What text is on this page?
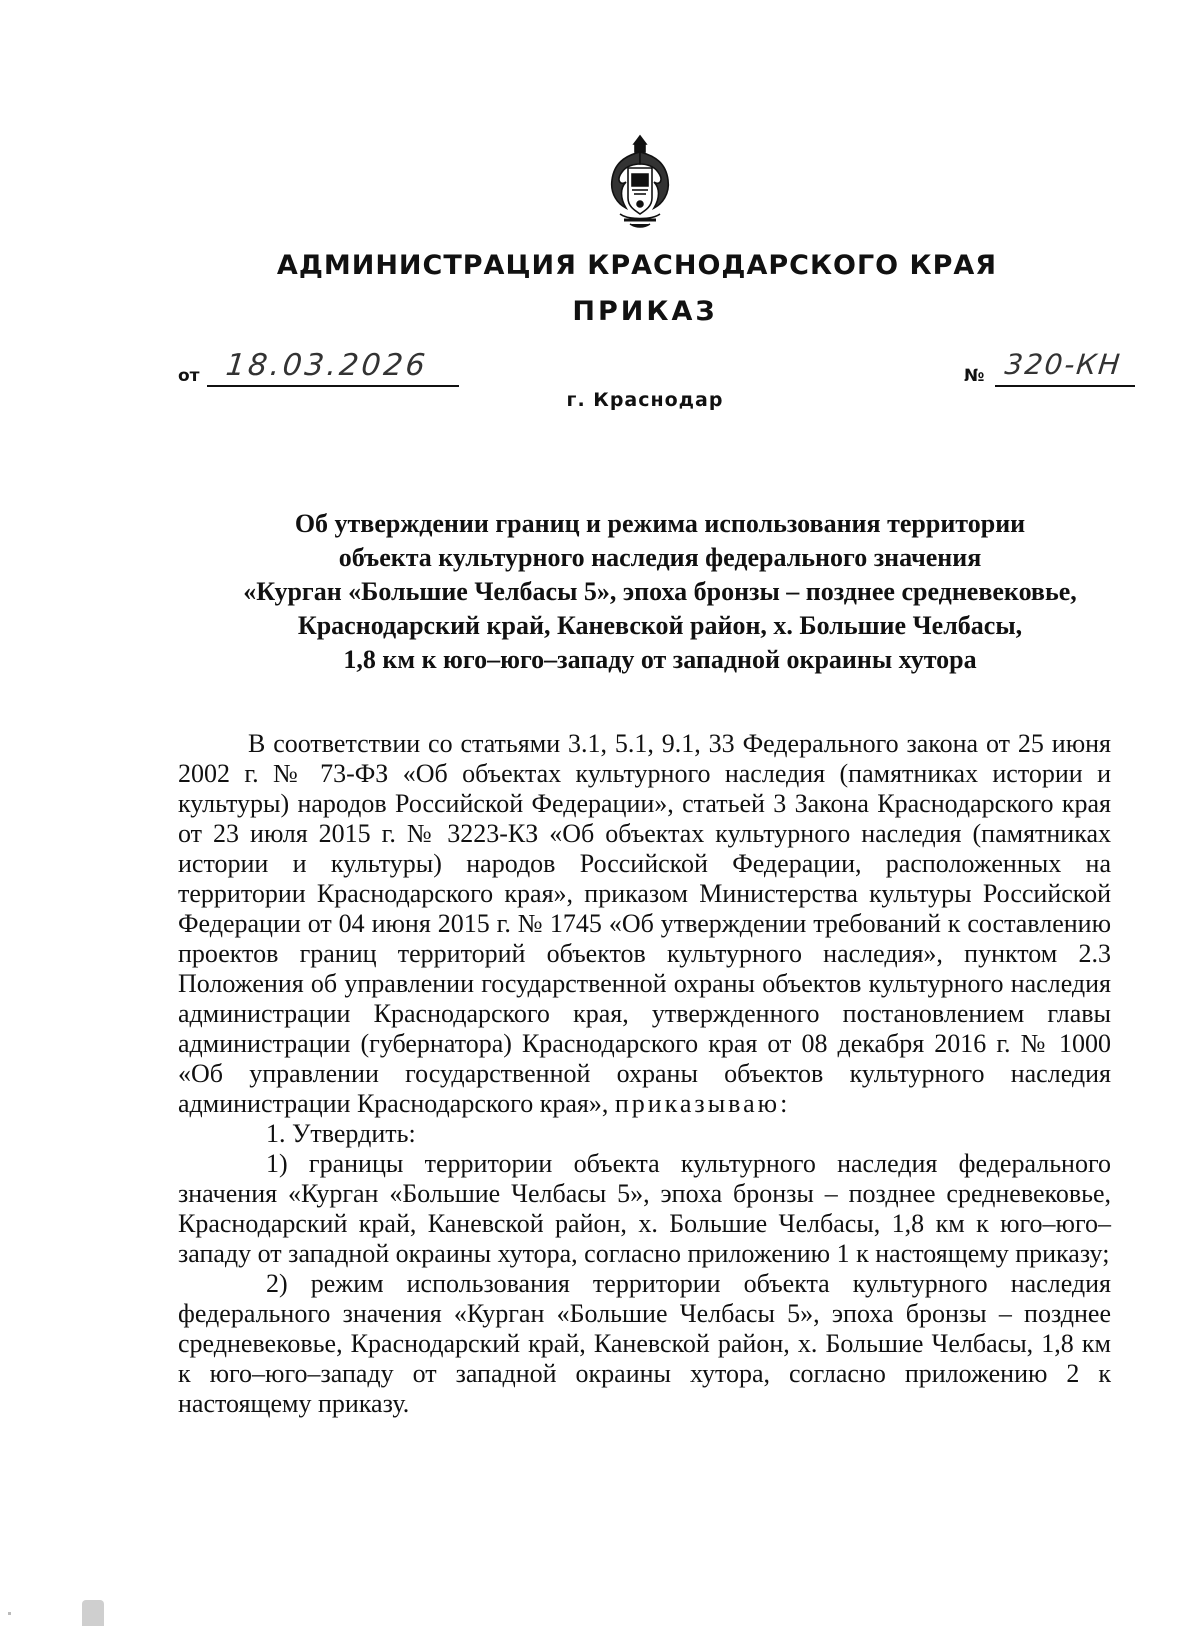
АДМИНИСТРАЦИЯ КРАСНОДАРСКОГО КРАЯ
ПРИКАЗ
от 18.03.2026	№ 320-КН
г. Краснодар
Об утверждении границ и режима использования территории
объекта культурного наследия федерального значения
«Курган «Большие Челбасы 5», эпоха бронзы – позднее средневековье,
Краснодарский край, Каневской район, х. Большие Челбасы,
1,8 км к юго–юго–западу от западной окраины хутора

В соответствии со статьями 3.1, 5.1, 9.1, 33 Федерального закона от 25 июня 2002 г. № 73-ФЗ «Об объектах культурного наследия (памятниках истории и культуры) народов Российской Федерации», статьей 3 Закона Краснодарского края от 23 июля 2015 г. № 3223-КЗ «Об объектах культурного наследия (памятниках истории и культуры) народов Российской Федерации, расположенных на территории Краснодарского края», приказом Министерства культуры Российской Федерации от 04 июня 2015 г. № 1745 «Об утверждении требований к составлению проектов границ территорий объектов культурного наследия», пунктом 2.3 Положения об управлении государственной охраны объектов культурного наследия администрации Краснодарского края, утвержденного постановлением главы администрации (губернатора) Краснодарского края от 08 декабря 2016 г. № 1000 «Об управлении государственной охраны объектов культурного наследия администрации Краснодарского края», приказываю:

1. Утвердить:

1) границы территории объекта культурного наследия федерального значения «Курган «Большие Челбасы 5», эпоха бронзы – позднее средневековье, Краснодарский край, Каневской район, х. Большие Челбасы, 1,8 км к юго–юго–западу от западной окраины хутора, согласно приложению 1 к настоящему приказу;

2) режим использования территории объекта культурного наследия федерального значения «Курган «Большие Челбасы 5», эпоха бронзы – позднее средневековье, Краснодарский край, Каневской район, х. Большие Челбасы, 1,8 км к юго–юго–западу от западной окраины хутора, согласно приложению 2 к настоящему приказу.
